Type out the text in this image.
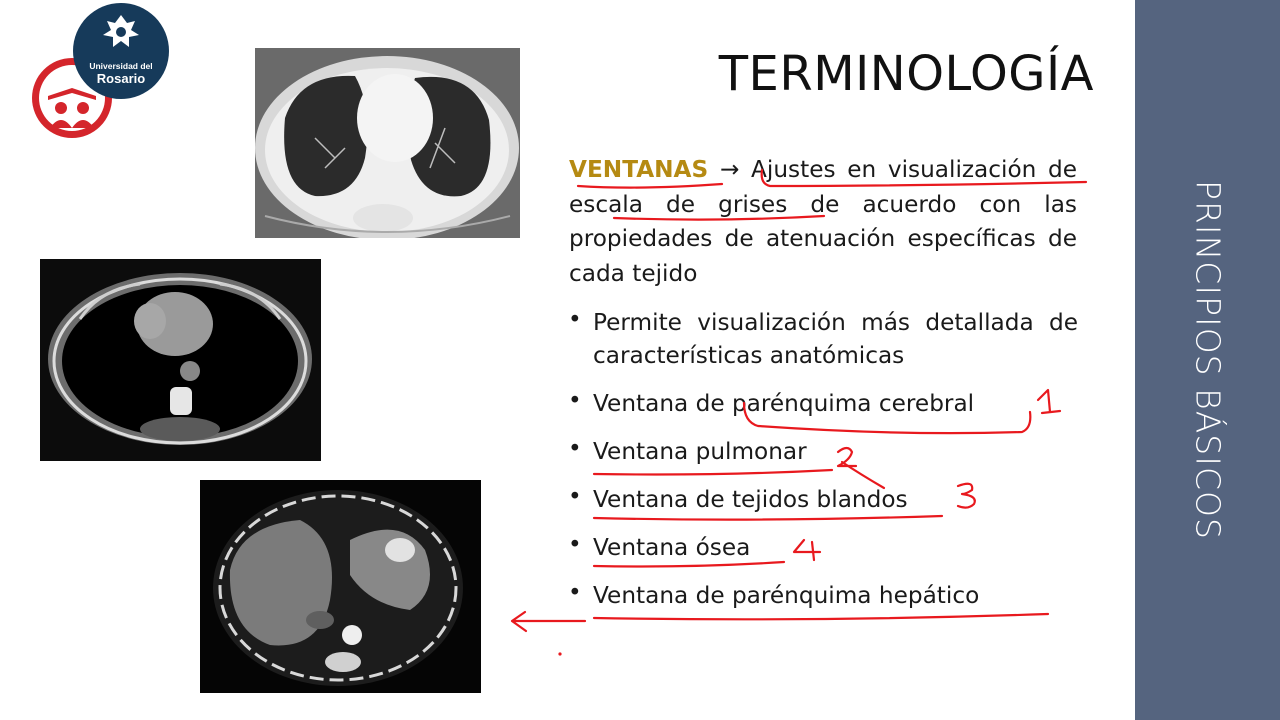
Universidad del
Rosario	TERMINOLOGÍA
VENTANAS → Ajustes en visualización de escala de grises de acuerdo con las propiedades de atenuación específicas de cada tejido
• Permite visualización más detallada de características anatómicas
• Ventana de parénquima cerebral
• Ventana pulmonar
• Ventana de tejidos blandos
• Ventana ósea
• Ventana de parénquima hepático
PRINCIPIOS BÁSICOS
